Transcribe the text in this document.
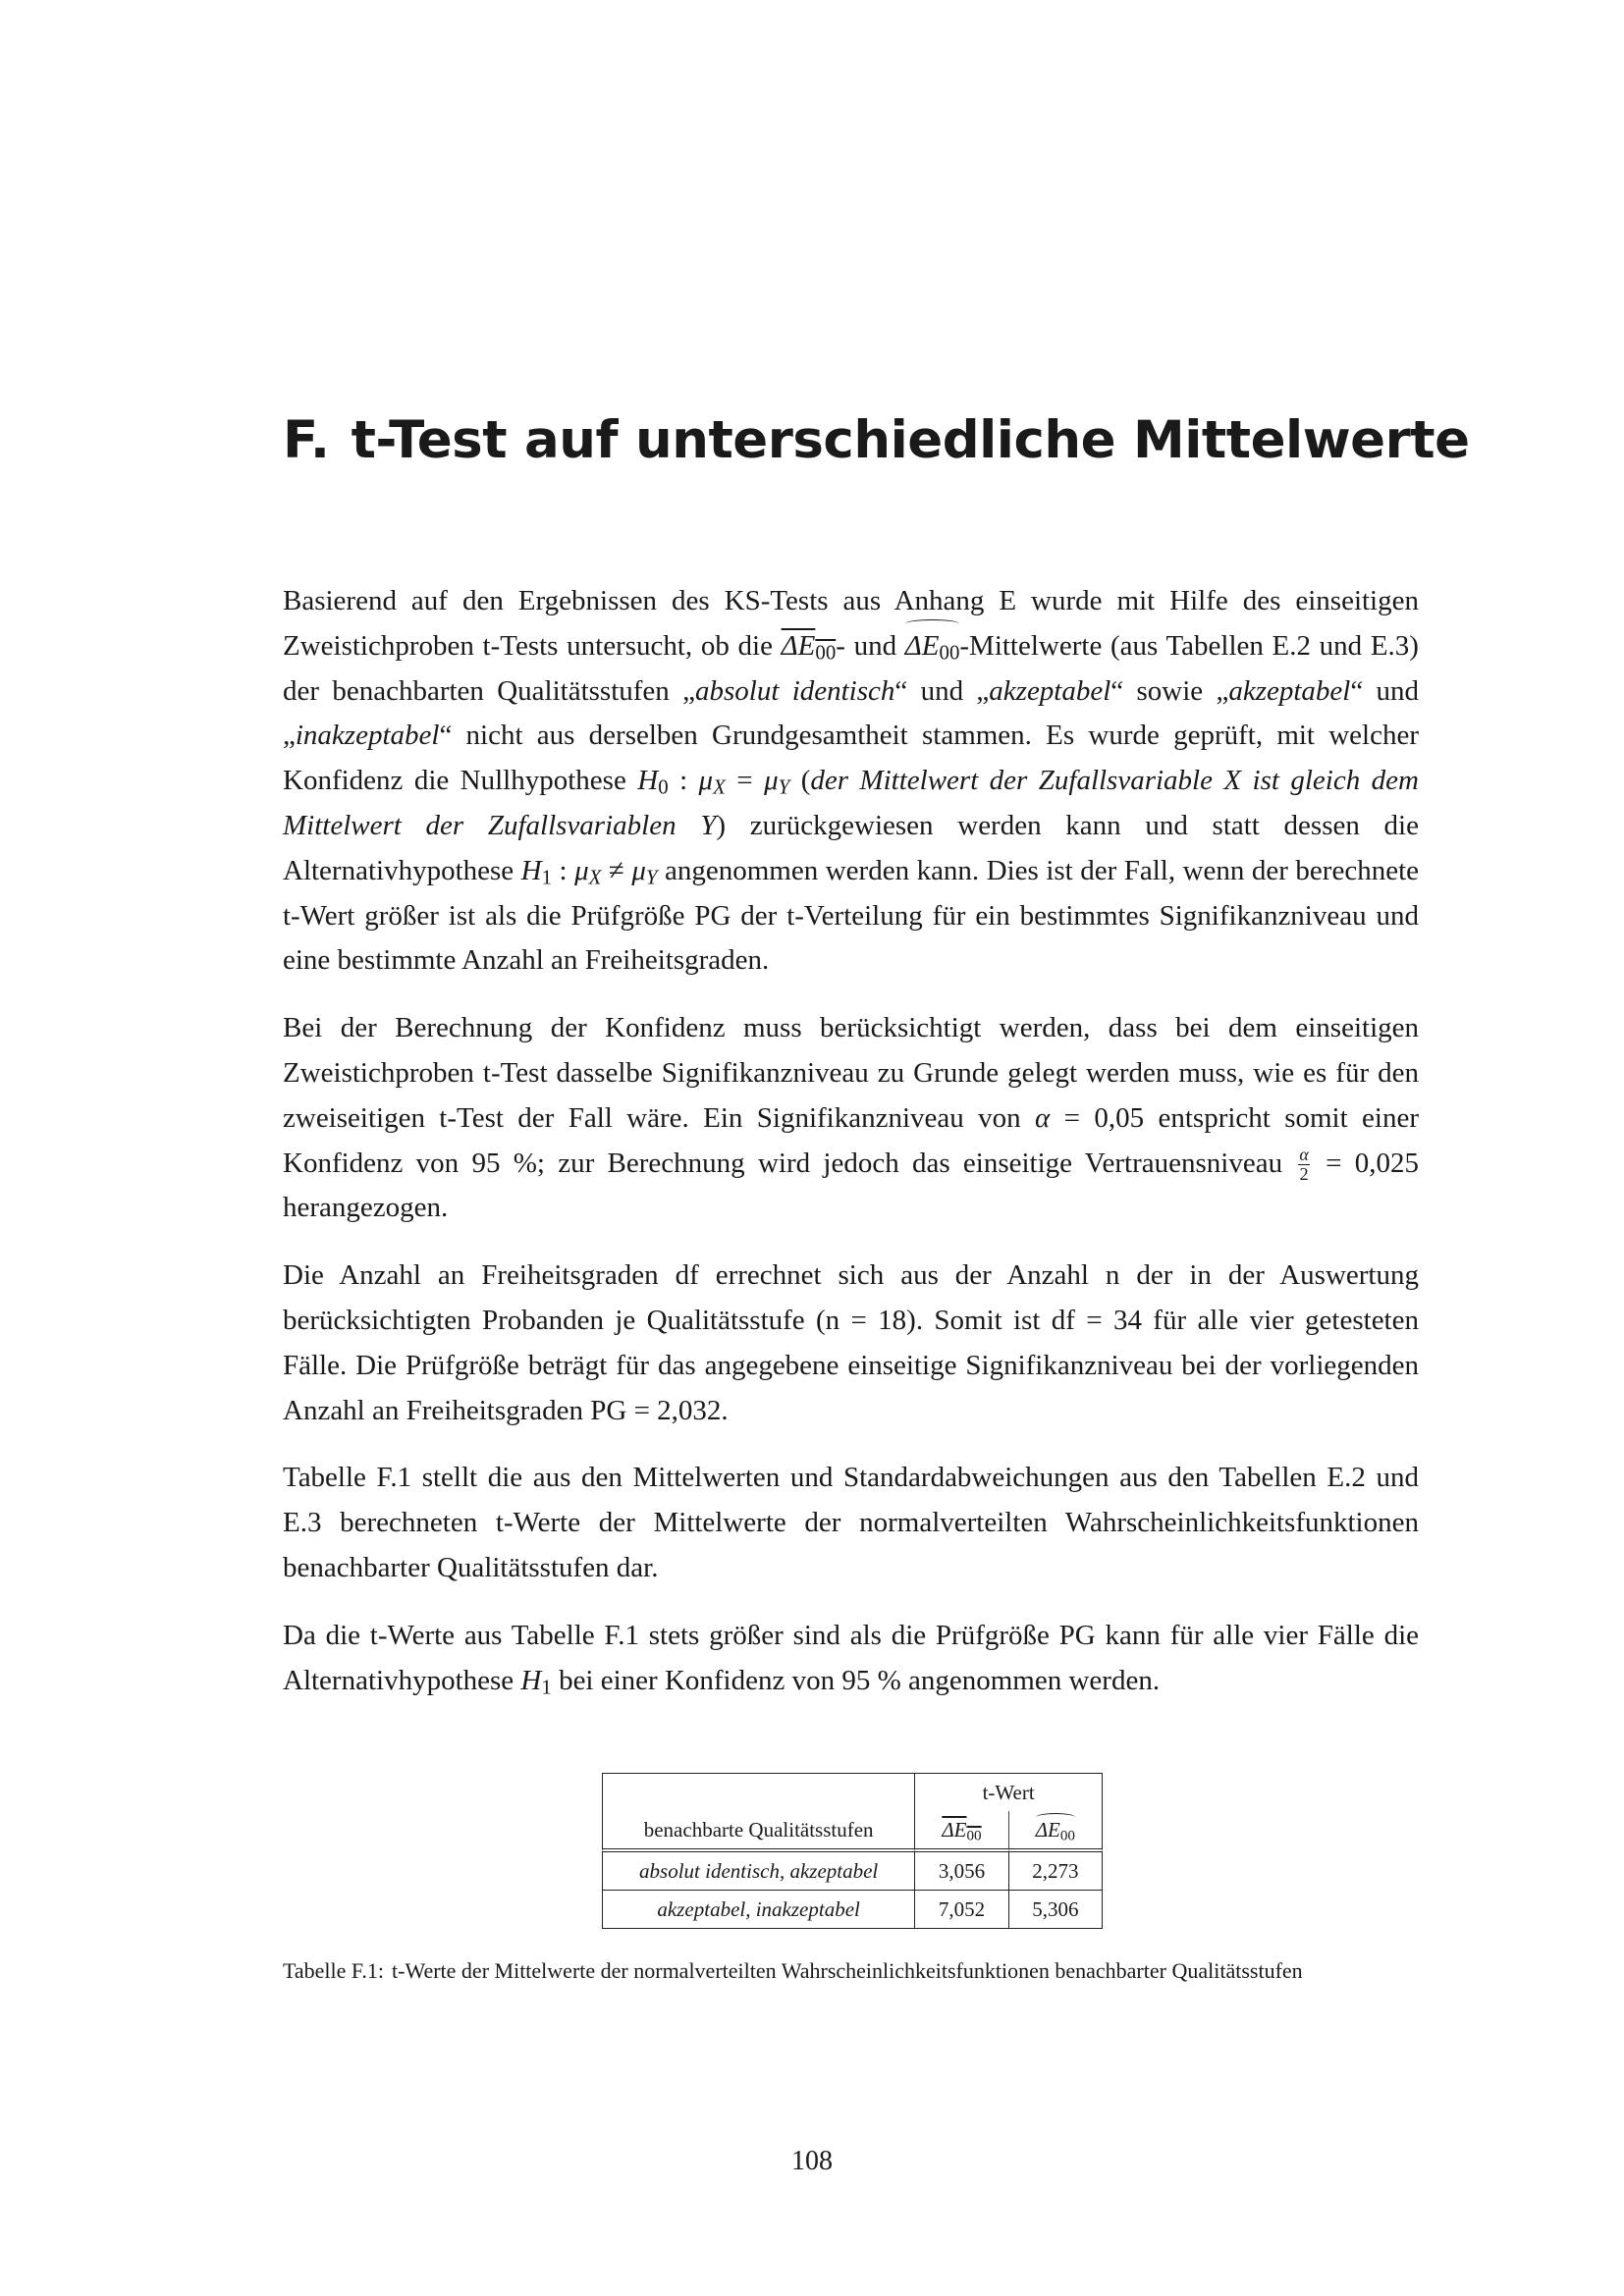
F. t-Test auf unterschiedliche Mittelwerte

Basierend auf den Ergebnissen des KS-Tests aus Anhang E wurde mit Hilfe des einseitigen Zweistichproben t-Tests untersucht, ob die $\Delta E_{00}-$ und $\Delta E_{00}$-Mittelwerte (aus Tabellen E.2 und E.3) der benachbarten Qualitätsstufen „absolut identisch“ und „akzeptabel“ sowie „akzeptabel“ und „inakzeptabel“ nicht aus derselben Grundgesamtheit stammen. Es wurde geprüft, mit welcher Konfidenz die Nullhypothese $H_0$ : $\mu_X = \mu_Y$ (der Mittelwert der Zufallsvariable X ist gleich dem Mittelwert der Zufallsvariablen Y) zurückgewiesen werden kann und statt dessen die Alternativhypothese $H_1$ : $\mu_X \ne \mu_Y$ angenommen werden kann. Dies ist der Fall, wenn der berechnete t-Wert größer ist als die Prüfgröße PG der t-Verteilung für ein bestimmtes Signifikanzniveau und eine bestimmte Anzahl an Freiheitsgraden.

Bei der Berechnung der Konfidenz muss berücksichtigt werden, dass bei dem einseitigen Zweistichproben t-Test dasselbe Signifikanzniveau zu Grunde gelegt werden muss, wie es für den zweiseitigen t-Test der Fall wäre. Ein Signifikanzniveau von α = 0,05 entspricht somit einer Konfidenz von 95 %; zur Berechnung wird jedoch das einseitige Vertrauensniveau $\frac{\alpha}{2} = 0,025$ herangezogen.

Die Anzahl an Freiheitsgraden df errechnet sich aus der Anzahl n der in der Auswertung berücksichtigten Probanden je Qualitätsstufe (n = 18). Somit ist df = 34 für alle vier getesteten Fälle. Die Prüfgröße beträgt für das angegebene einseitige Signifikanzniveau bei der vorliegenden Anzahl an Freiheitsgraden PG = 2,032.

Tabelle F.1 stellt die aus den Mittelwerten und Standardabweichungen aus den Tabellen E.2 und E.3 berechneten t-Werte der Mittelwerte der normalverteilten Wahrscheinlichkeitsfunktionen benachbarter Qualitätsstufen dar.

Da die t-Werte aus Tabelle F.1 stets größer sind als die Prüfgröße PG kann für alle vier Fälle die Alternativhypothese $H_1$ bei einer Konfidenz von 95 % angenommen werden.

	t-Wert	
benachbarte Qualitätsstufen	$\Delta E_{00}$	$\Delta E_{00}$
absolut identisch, akzeptabel	3,056	2,273
akzeptabel, inakzeptabel	7,052	5,306
Tabelle F.1: t-Werte der Mittelwerte der normalverteilten Wahrscheinlichkeitsfunktionen benachbarter Qualitätsstufen
108
